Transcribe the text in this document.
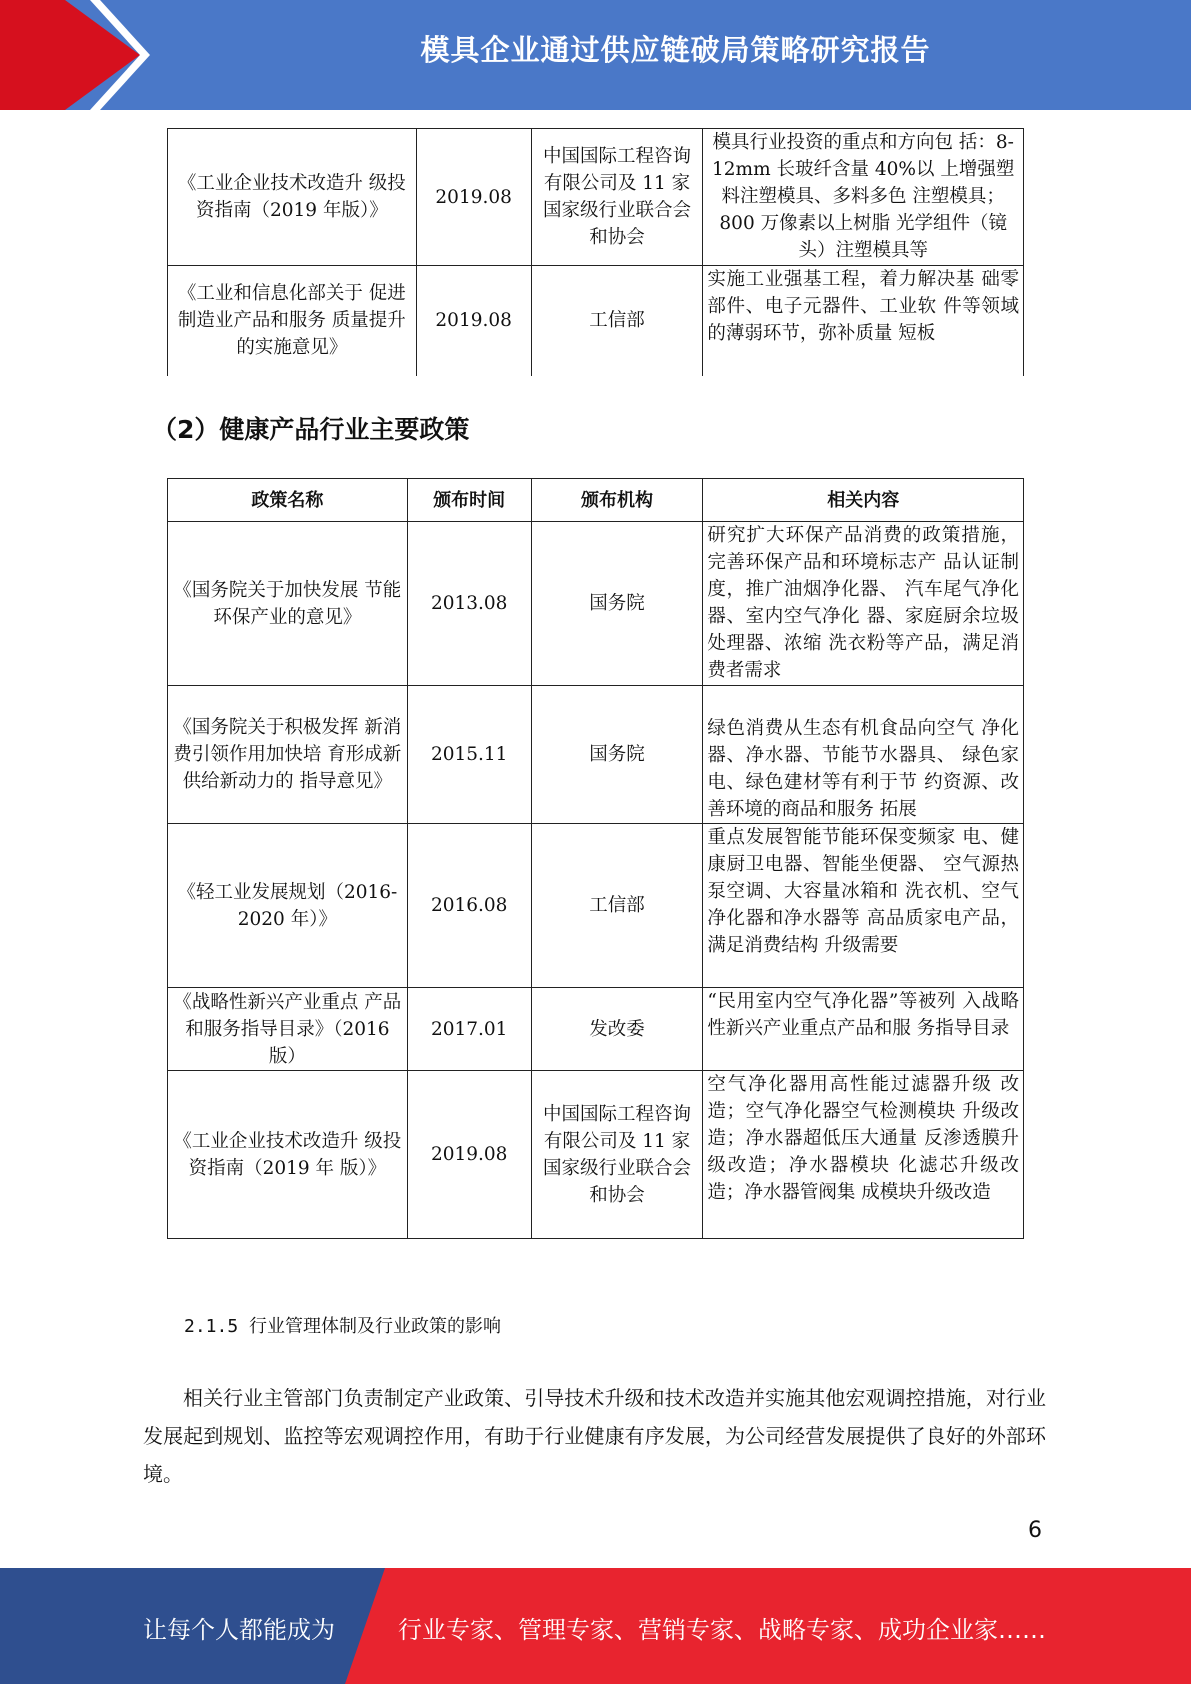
模具企业通过供应链破局策略研究报告
《工业企业技术改造升 级投资指南（2019 年版）》	2019.08	中国国际工程咨询有限公司及 11 家国家级行业联合会和协会	模具行业投资的重点和方向包 括：8-12mm 长玻纤含量 40%以 上增强塑料注塑模具、多料多色 注塑模具；800 万像素以上树脂 光学组件（镜头）注塑模具等
《工业和信息化部关于 促进制造业产品和服务 质量提升的实施意见》	2019.08	工信部	实施工业强基工程，着力解决基 础零部件、电子元器件、工业软 件等领域的薄弱环节，弥补质量 短板
（2）健康产品行业主要政策
政策名称	颁布时间	颁布机构	相关内容
《国务院关于加快发展 节能环保产业的意见》	2013.08	国务院	研究扩大环保产品消费的政策措施，完善环保产品和环境标志产 品认证制度，推广油烟净化器、 汽车尾气净化器、室内空气净化 器、家庭厨余垃圾处理器、浓缩 洗衣粉等产品，满足消费者需求
《国务院关于积极发挥 新消费引领作用加快培 育形成新供给新动力的 指导意见》	2015.11	国务院	绿色消费从生态有机食品向空气 净化器、净水器、节能节水器具、 绿色家电、绿色建材等有利于节 约资源、改善环境的商品和服务 拓展
《轻工业发展规划（2016-2020 年）》	2016.08	工信部	重点发展智能节能环保变频家 电、健康厨卫电器、智能坐便器、 空气源热泵空调、大容量冰箱和 洗衣机、空气净化器和净水器等 高品质家电产品，满足消费结构 升级需要
《战略性新兴产业重点 产品和服务指导目录》（2016 版）	2017.01	发改委	“民用室内空气净化器”等被列 入战略性新兴产业重点产品和服 务指导目录
《工业企业技术改造升 级投资指南（2019 年 版）》	2019.08	中国国际工程咨询有限公司及 11 家国家级行业联合会和协会	空气净化器用高性能过滤器升级 改造；空气净化器空气检测模块 升级改造；净水器超低压大通量 反渗透膜升级改造；净水器模块 化滤芯升级改造；净水器管阀集 成模块升级改造
2.1.5 行业管理体制及行业政策的影响
相关行业主管部门负责制定产业政策、引导技术升级和技术改造并实施其他宏观调控措施，对行业发展起到规划、监控等宏观调控作用，有助于行业健康有序发展，为公司经营发展提供了良好的外部环境。
6
让每个人都能成为	行业专家、管理专家、营销专家、战略专家、成功企业家……
